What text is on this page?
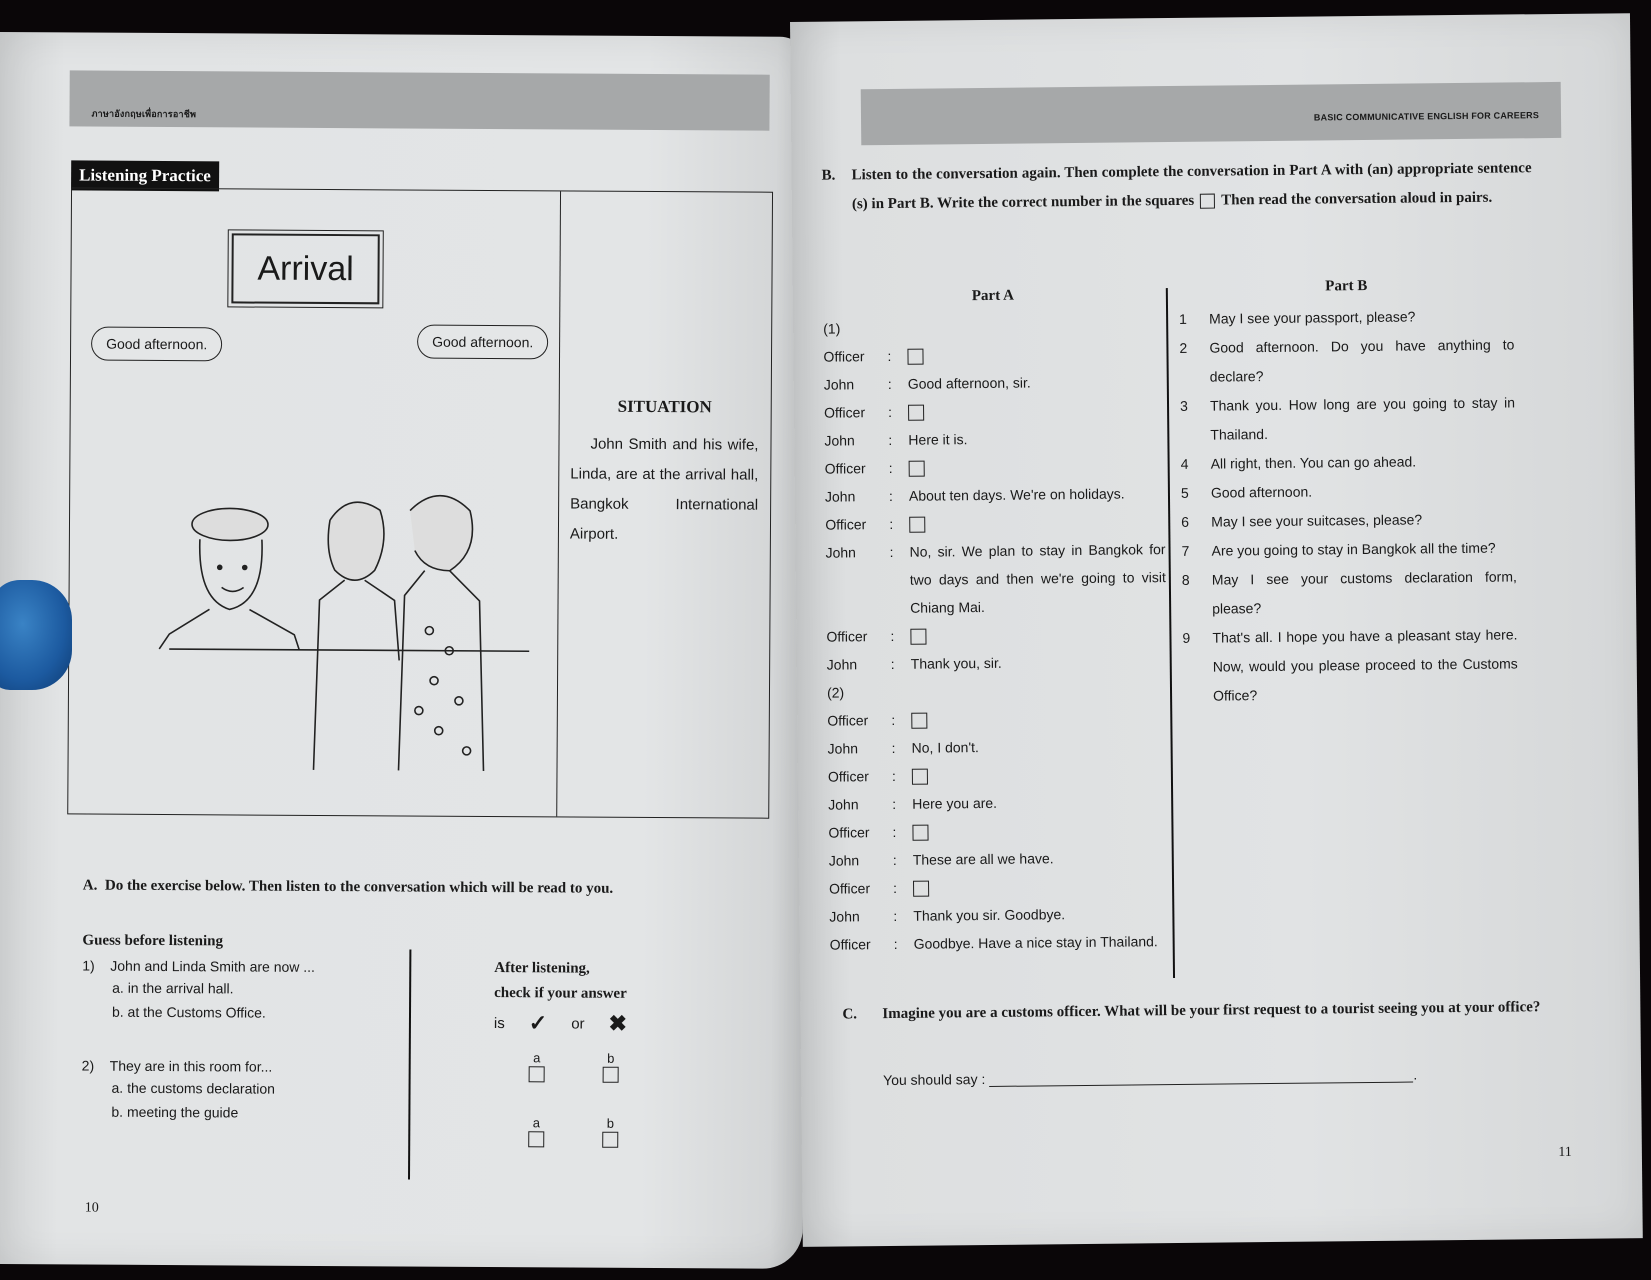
ภาษาอังกฤษเพื่อการอาชีพ
Listening Practice
Arrival
Good afternoon.	Good afternoon.
SITUATION

John Smith and his wife, Linda, are at the arrival hall, Bangkok International Airport.

A. Do the exercise below. Then listen to the conversation which will be read to you.
Guess before listening
1) John and Linda Smith are now ...
a. in the arrival hall.
b. at the Customs Office.
2) They are in this room for...
a. the customs declaration
b. meeting the guide
After listening,
check if your answer
is ✓ or ✖
a	b
a	b
10
BASIC COMMUNICATIVE ENGLISH FOR CAREERS
B. Listen to the conversation again. Then complete the conversation in Part A with (an) appropriate sentence (s) in Part B. Write the correct number in the squares Then read the conversation aloud in pairs.
Part A
(1)
Officer	:
John	:	Good afternoon, sir.
Officer	:
John	:	Here it is.
Officer	:
John	:	About ten days. We're on holidays.
Officer	:
John	:	No, sir. We plan to stay in Bangkok for two days and then we're going to visit Chiang Mai.
Officer	:
John	:	Thank you, sir.
(2)
Officer	:
John	:	No, I don't.
Officer	:
John	:	Here you are.
Officer	:
John	:	These are all we have.
Officer	:
John	:	Thank you sir. Goodbye.
Officer	:	Goodbye. Have a nice stay in Thailand.
Part B
1	May I see your passport, please?
2	Good afternoon. Do you have anything to declare?
3	Thank you. How long are you going to stay in Thailand.
4	All right, then. You can go ahead.
5	Good afternoon.
6	May I see your suitcases, please?
7	Are you going to stay in Bangkok all the time?
8	May I see your customs declaration form, please?
9	That's all. I hope you have a pleasant stay here. Now, would you please proceed to the Customs Office?
C. Imagine you are a customs officer. What will be your first request to a tourist seeing you at your office?
You should say :	.
11
